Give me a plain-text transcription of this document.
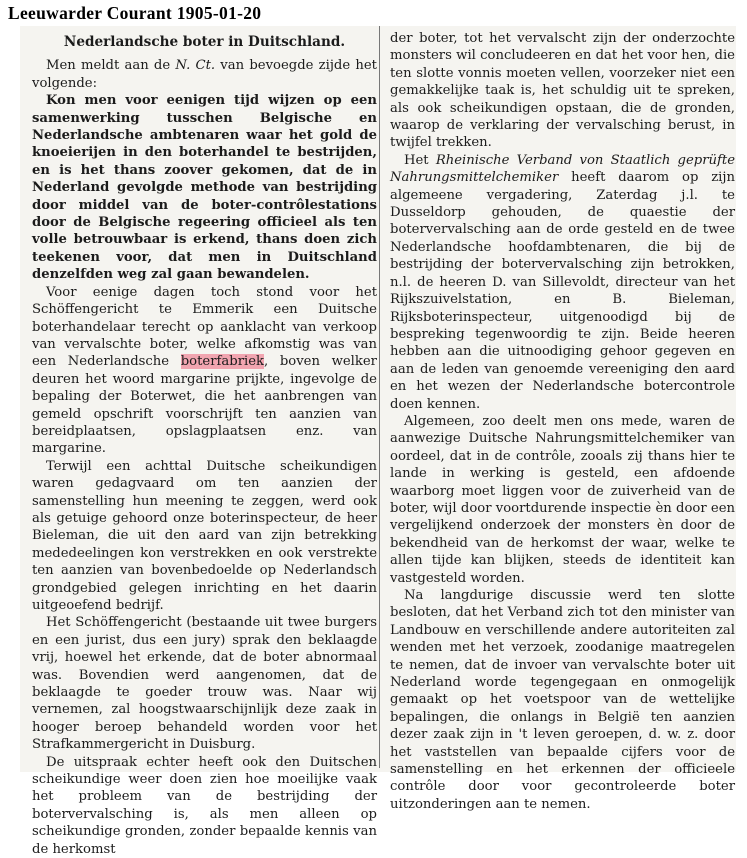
Leeuwarder Courant 1905-01-20
Nederlandsche boter in Duitschland.

Men meldt aan de N. Ct. van bevoegde zijde het volgende:

Kon men voor eenigen tijd wijzen op een samenwerking tusschen Belgische en Nederlandsche ambtenaren waar het gold de knoeierijen in den boterhandel te bestrijden, en is het thans zoover gekomen, dat de in Nederland gevolgde methode van bestrijding door middel van de boter-contrôlestations door de Belgische regeering officieel als ten volle betrouwbaar is erkend, thans doen zich teekenen voor, dat men in Duitschland denzelfden weg zal gaan bewandelen.

Voor eenige dagen toch stond voor het Schöffengericht te Emmerik een Duitsche boterhandelaar terecht op aanklacht van verkoop van vervalschte boter, welke afkomstig was van een Nederlandsche boterfabriek, boven welker deuren het woord margarine prijkte, ingevolge de bepaling der Boterwet, die het aanbrengen van gemeld opschrift voorschrijft ten aanzien van bereidplaatsen, opslagplaatsen enz. van margarine.

Terwijl een achttal Duitsche scheikundigen waren gedagvaard om ten aanzien der samenstelling hun meening te zeggen, werd ook als getuige gehoord onze boterinspecteur, de heer Bieleman, die uit den aard van zijn betrekking mededeelingen kon verstrekken en ook verstrekte ten aanzien van bovenbedoelde op Nederlandsch grondgebied gelegen inrichting en het daarin uitgeoefend bedrijf.

Het Schöffengericht (bestaande uit twee burgers en een jurist, dus een jury) sprak den beklaagde vrij, hoewel het erkende, dat de boter abnormaal was. Bovendien werd aangenomen, dat de beklaagde te goeder trouw was. Naar wij vernemen, zal hoogstwaarschijnlijk deze zaak in hooger beroep behandeld worden voor het Strafkammergericht in Duisburg.

De uitspraak echter heeft ook den Duitschen scheikundige weer doen zien hoe moeilijke vaak het probleem van de bestrijding der botervervalsching is, als men alleen op scheikundige gronden, zonder bepaalde kennis van de herkomst

der boter, tot het vervalscht zijn der onderzochte monsters wil concludeeren en dat het voor hen, die ten slotte vonnis moeten vellen, voorzeker niet een gemakkelijke taak is, het schuldig uit te spreken, als ook scheikundigen opstaan, die de gronden, waarop de verklaring der vervalsching berust, in twijfel trekken.

Het Rheinische Verband von Staatlich geprüfte Nahrungsmittelchemiker heeft daarom op zijn algemeene vergadering, Zaterdag j.l. te Dusseldorp gehouden, de quaestie der botervervalsching aan de orde gesteld en de twee Nederlandsche hoofdambtenaren, die bij de bestrijding der botervervalsching zijn betrokken, n.l. de heeren D. van Sillevoldt, directeur van het Rijkszuivelstation, en B. Bieleman, Rijksboterinspecteur, uitgenoodigd bij de bespreking tegenwoordig te zijn. Beide heeren hebben aan die uitnoodiging gehoor gegeven en aan de leden van genoemde vereeniging den aard en het wezen der Nederlandsche botercontrole doen kennen.

Algemeen, zoo deelt men ons mede, waren de aanwezige Duitsche Nahrungsmittelchemiker van oordeel, dat in de contrôle, zooals zij thans hier te lande in werking is gesteld, een afdoende waarborg moet liggen voor de zuiverheid van de boter, wijl door voortdurende inspectie èn door een vergelijkend onderzoek der monsters èn door de bekendheid van de herkomst der waar, welke te allen tijde kan blijken, steeds de identiteit kan vastgesteld worden.

Na langdurige discussie werd ten slotte besloten, dat het Verband zich tot den minister van Landbouw en verschillende andere autoriteiten zal wenden met het verzoek, zoodanige maatregelen te nemen, dat de invoer van vervalschte boter uit Nederland worde tegengegaan en onmogelijk gemaakt op het voetspoor van de wettelijke bepalingen, die onlangs in België ten aanzien dezer zaak zijn in 't leven geroepen, d. w. z. door het vaststellen van bepaalde cijfers voor de samenstelling en het erkennen der officieele contrôle door voor gecontroleerde boter uitzonderingen aan te nemen.
